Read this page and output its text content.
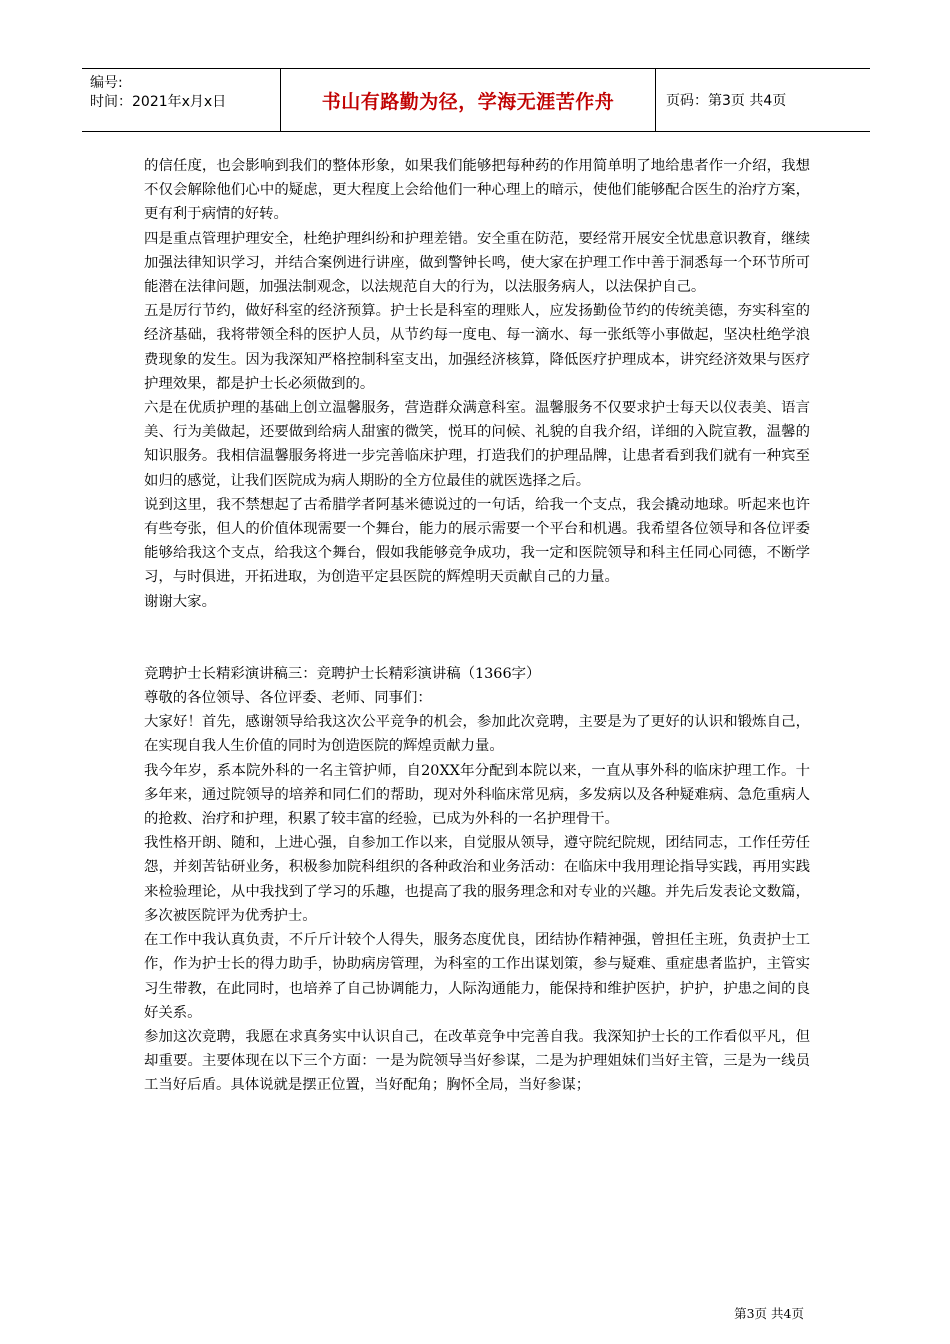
编号:
时间：2021年x月x日	书山有路勤为径，学海无涯苦作舟	页码：第3页 共4页

的信任度，也会影响到我们的整体形象，如果我们能够把每种药的作用简单明了地给患者作一介绍，我想不仅会解除他们心中的疑虑，更大程度上会给他们一种心理上的暗示，使他们能够配合医生的治疗方案，更有利于病情的好转。

四是重点管理护理安全，杜绝护理纠纷和护理差错。安全重在防范，要经常开展安全忧患意识教育，继续加强法律知识学习，并结合案例进行讲座，做到警钟长鸣，使大家在护理工作中善于洞悉每一个环节所可能潜在法律问题，加强法制观念，以法规范自大的行为，以法服务病人，以法保护自己。

五是厉行节约，做好科室的经济预算。护士长是科室的理账人，应发扬勤俭节约的传统美德，夯实科室的经济基础，我将带领全科的医护人员，从节约每一度电、每一滴水、每一张纸等小事做起，坚决杜绝学浪费现象的发生。因为我深知严格控制科室支出，加强经济核算，降低医疗护理成本，讲究经济效果与医疗护理效果，都是护士长必须做到的。

六是在优质护理的基础上创立温馨服务，营造群众满意科室。温馨服务不仅要求护士每天以仪表美、语言美、行为美做起，还要做到给病人甜蜜的微笑，悦耳的问候、礼貌的自我介绍，详细的入院宣教，温馨的知识服务。我相信温馨服务将进一步完善临床护理，打造我们的护理品牌，让患者看到我们就有一种宾至如归的感觉，让我们医院成为病人期盼的全方位最佳的就医选择之后。

说到这里，我不禁想起了古希腊学者阿基米德说过的一句话，给我一个支点，我会撬动地球。听起来也许有些夸张，但人的价值体现需要一个舞台，能力的展示需要一个平台和机遇。我希望各位领导和各位评委能够给我这个支点，给我这个舞台，假如我能够竞争成功，我一定和医院领导和科主任同心同德，不断学习，与时俱进，开拓进取，为创造平定县医院的辉煌明天贡献自己的力量。

谢谢大家。

竞聘护士长精彩演讲稿三：竞聘护士长精彩演讲稿（1366字）

尊敬的各位领导、各位评委、老师、同事们：

大家好！首先，感谢领导给我这次公平竞争的机会，参加此次竞聘，主要是为了更好的认识和锻炼自己，在实现自我人生价值的同时为创造医院的辉煌贡献力量。

我今年岁，系本院外科的一名主管护师，自20XX年分配到本院以来，一直从事外科的临床护理工作。十多年来，通过院领导的培养和同仁们的帮助，现对外科临床常见病，多发病以及各种疑难病、急危重病人的抢救、治疗和护理，积累了较丰富的经验，已成为外科的一名护理骨干。

我性格开朗、随和，上进心强，自参加工作以来，自觉服从领导，遵守院纪院规，团结同志，工作任劳任怨，并刻苦钻研业务，积极参加院科组织的各种政治和业务活动：在临床中我用理论指导实践，再用实践来检验理论，从中我找到了学习的乐趣，也提高了我的服务理念和对专业的兴趣。并先后发表论文数篇，多次被医院评为优秀护士。

在工作中我认真负责，不斤斤计较个人得失，服务态度优良，团结协作精神强，曾担任主班，负责护士工作，作为护士长的得力助手，协助病房管理，为科室的工作出谋划策，参与疑难、重症患者监护，主管实习生带教，在此同时，也培养了自己协调能力，人际沟通能力，能保持和维护医护，护护，护患之间的良好关系。

参加这次竞聘，我愿在求真务实中认识自己，在改革竞争中完善自我。我深知护士长的工作看似平凡，但却重要。主要体现在以下三个方面：一是为院领导当好参谋，二是为护理姐妹们当好主管，三是为一线员工当好后盾。具体说就是摆正位置，当好配角；胸怀全局，当好参谋；

第3页 共4页
